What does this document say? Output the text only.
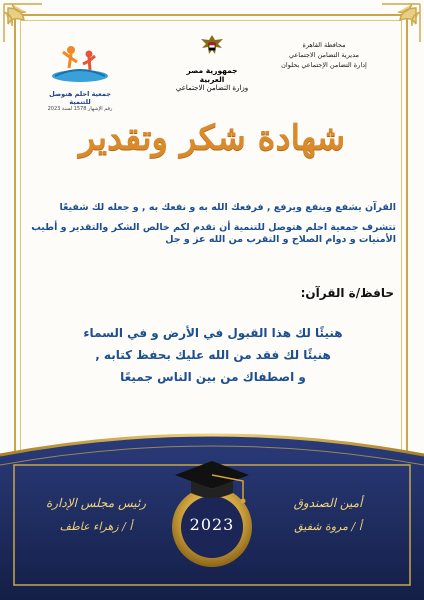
جمعية احلم هتوصل للتنمية
رقم الإشهار 1578 لسنة 2023
جمهورية مصر العربية
وزارة التضامن الاجتماعي
محافظة القاهرة
مديرية التضامن الاجتماعي
إدارة التضامن الإجتماعي بحلوان
شهادة شكر وتقدير
القرآن يشفع وينفع ويرفع , فرفعك الله به و نفعك به , و جعله لك شفيعًا
تتشرف جمعية احلم هتوصل للتنمية أن تقدم لكم خالص الشكر والتقدير و أطيب الأمنيات و دوام الصلاح و التقرب من الله عز و جل
حافظ/ة القرآن:
هنيئًا لك هذا القبول في الأرض و في السماء
هنيئًا لك فقد من الله عليك بحفظ كتابه ,
و اصطفاك من بين الناس جميعًا
2023
رئيس مجلس الإدارة
أ / زهراء عاطف
أمين الصندوق
أ / مروة شفيق
